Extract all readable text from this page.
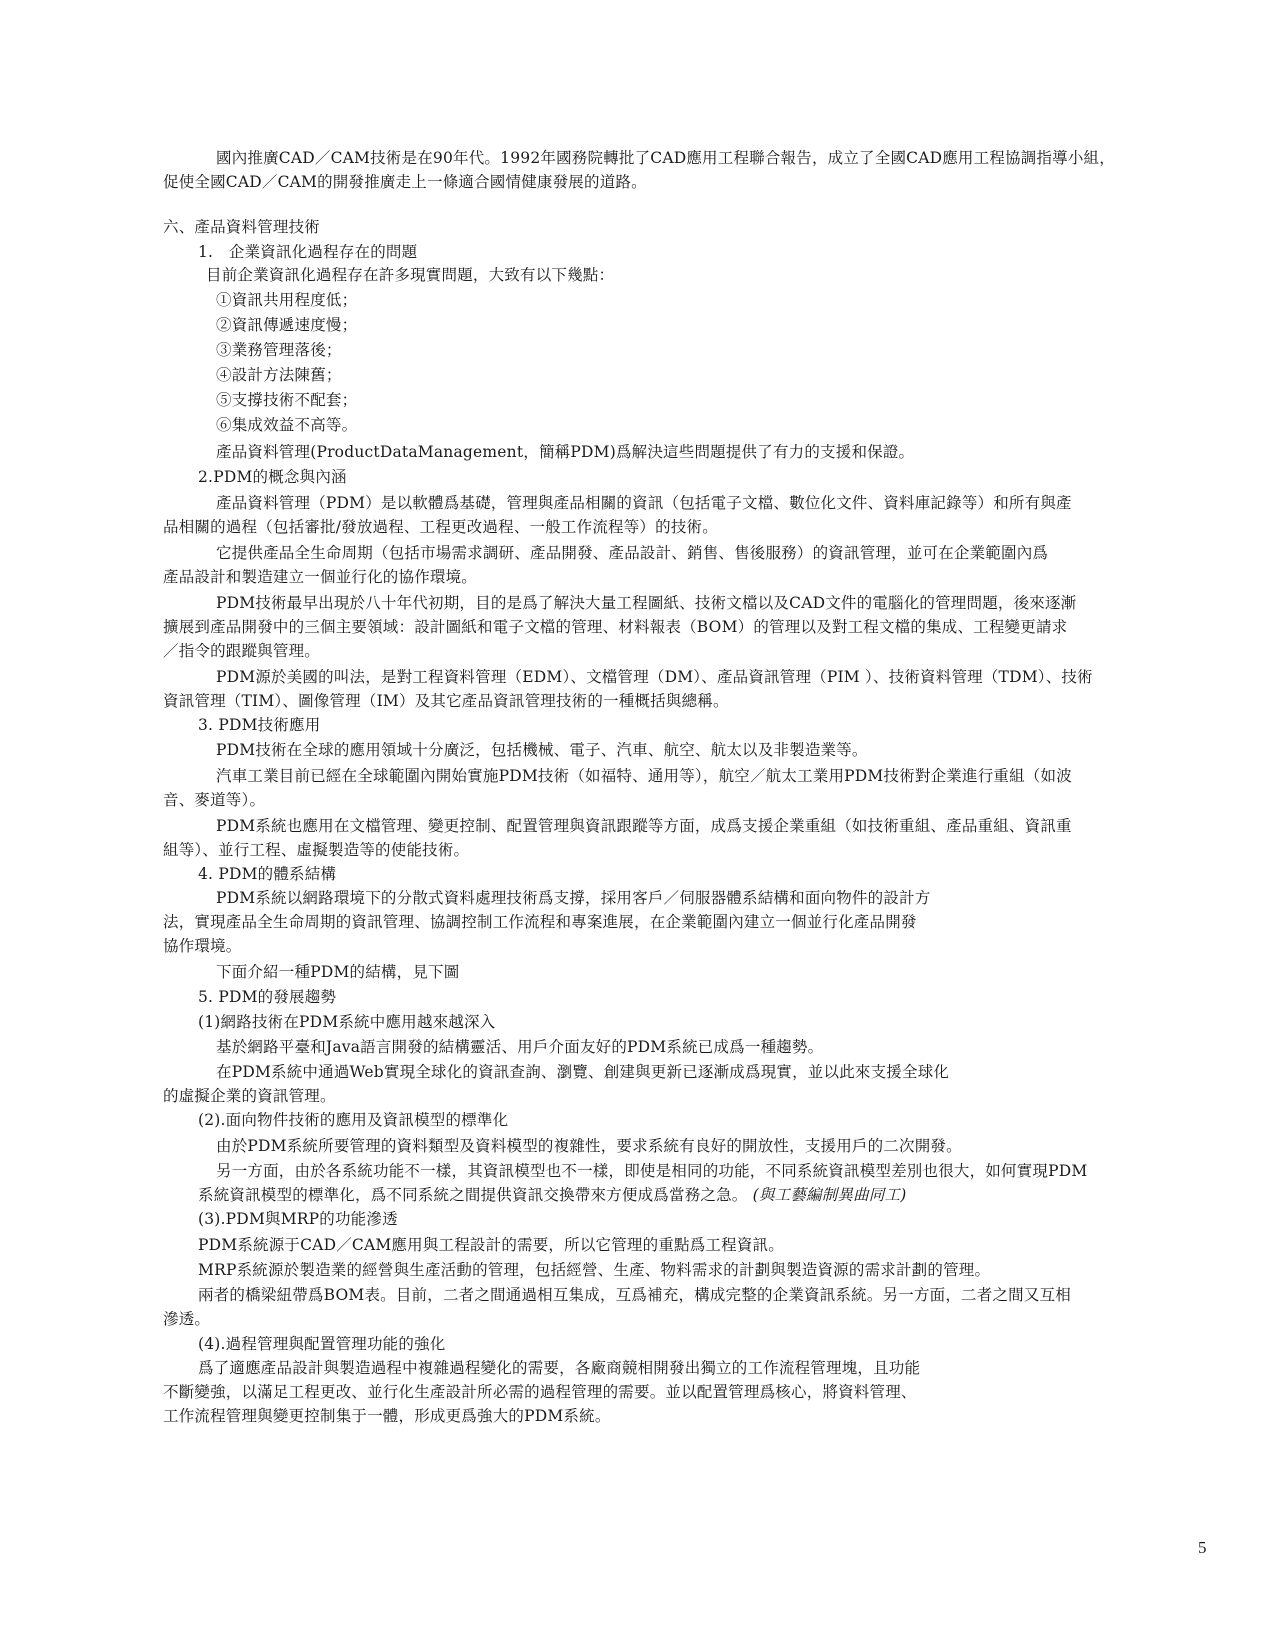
國內推廣CAD／CAM技術是在90年代。1992年國務院轉批了CAD應用工程聯合報告，成立了全國CAD應用工程協調指導小組，
促使全國CAD／CAM的開發推廣走上一條適合國情健康發展的道路。
六、產品資料管理技術
1.　企業資訊化過程存在的問題
目前企業資訊化過程存在許多現實問題，大致有以下幾點：
①資訊共用程度低；
②資訊傳遞速度慢；
③業務管理落後；
④設計方法陳舊；
⑤支撐技術不配套；
⑥集成效益不高等。
產品資料管理(ProductDataManagement，簡稱PDM)爲解決這些問題提供了有力的支援和保證。
2.PDM的概念與內涵
產品資料管理（PDM）是以軟體爲基礎，管理與產品相關的資訊（包括電子文檔、數位化文件、資料庫記錄等）和所有與產
品相關的過程（包括審批/發放過程、工程更改過程、一般工作流程等）的技術。
它提供產品全生命周期（包括市場需求調研、產品開發、產品設計、銷售、售後服務）的資訊管理，並可在企業範圍內爲
產品設計和製造建立一個並行化的協作環境。
PDM技術最早出現於八十年代初期，目的是爲了解決大量工程圖紙、技術文檔以及CAD文件的電腦化的管理問題，後來逐漸
擴展到產品開發中的三個主要領域：設計圖紙和電子文檔的管理、材料報表（BOM）的管理以及對工程文檔的集成、工程變更請求
／指令的跟蹤與管理。
PDM源於美國的叫法，是對工程資料管理（EDM）、文檔管理（DM）、產品資訊管理（PIM ）、技術資料管理（TDM）、技術
資訊管理（TIM）、圖像管理（IM）及其它產品資訊管理技術的一種概括與總稱。
3. PDM技術應用
PDM技術在全球的應用領域十分廣泛，包括機械、電子、汽車、航空、航太以及非製造業等。
汽車工業目前已經在全球範圍內開始實施PDM技術（如福特、通用等），航空／航太工業用PDM技術對企業進行重組（如波
音、麥道等）。
PDM系統也應用在文檔管理、變更控制、配置管理與資訊跟蹤等方面，成爲支援企業重組（如技術重組、產品重組、資訊重
組等）、並行工程、虛擬製造等的使能技術。
4. PDM的體系結構
PDM系統以網路環境下的分散式資料處理技術爲支撐，採用客戶／伺服器體系結構和面向物件的設計方
法，實現產品全生命周期的資訊管理、協調控制工作流程和專案進展，在企業範圍內建立一個並行化產品開發
協作環境。
下面介紹一種PDM的結構，見下圖
5. PDM的發展趨勢
(1)網路技術在PDM系統中應用越來越深入
基於網路平臺和Java語言開發的結構靈活、用戶介面友好的PDM系統已成爲一種趨勢。
在PDM系統中通過Web實現全球化的資訊查詢、瀏覽、創建與更新已逐漸成爲現實，並以此來支援全球化
的虛擬企業的資訊管理。
(2).面向物件技術的應用及資訊模型的標準化
由於PDM系統所要管理的資料類型及資料模型的複雜性，要求系統有良好的開放性，支援用戶的二次開發。
另一方面，由於各系統功能不一樣，其資訊模型也不一樣，即使是相同的功能，不同系統資訊模型差別也很大，如何實現PDM
系統資訊模型的標準化，爲不同系統之間提供資訊交換帶來方便成爲當務之急。 (與工藝編制異曲同工)
(3).PDM與MRP的功能滲透
PDM系統源于CAD／CAM應用與工程設計的需要，所以它管理的重點爲工程資訊。
MRP系統源於製造業的經營與生產活動的管理，包括經營、生產、物料需求的計劃與製造資源的需求計劃的管理。
兩者的橋梁紐帶爲BOM表。目前，二者之間通過相互集成，互爲補充，構成完整的企業資訊系統。另一方面，二者之間又互相
滲透。
(4).過程管理與配置管理功能的強化
爲了適應產品設計與製造過程中複雜過程變化的需要，各廠商競相開發出獨立的工作流程管理塊，且功能
不斷變強，以滿足工程更改、並行化生產設計所必需的過程管理的需要。並以配置管理爲核心，將資料管理、
工作流程管理與變更控制集于一體，形成更爲強大的PDM系統。
5
